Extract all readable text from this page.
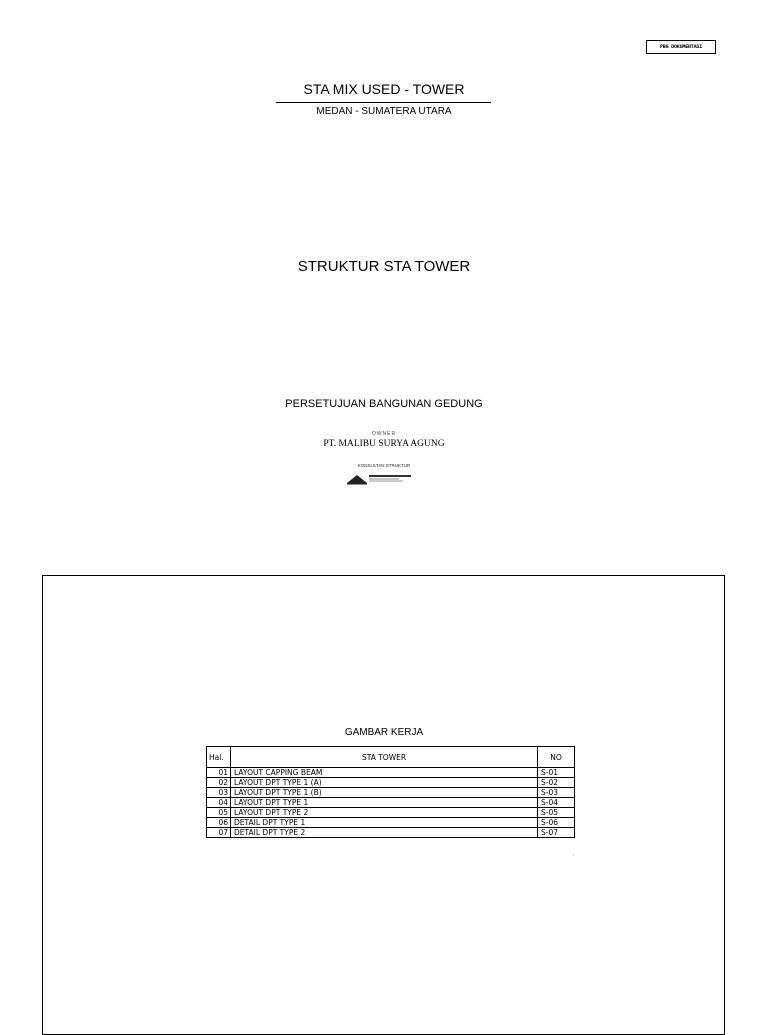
PBG DOKUMENTASI
STA MIX USED - TOWER
MEDAN - SUMATERA UTARA
STRUKTUR STA TOWER
PERSETUJUAN BANGUNAN GEDUNG
OWNER
PT. MALIBU SURYA AGUNG
KONSULTAN STRUKTUR
GAMBAR KERJA
Hal.	STA TOWER	NO
01	LAYOUT CAPPING BEAM	S-01
02	LAYOUT DPT TYPE 1 (A)	S-02
03	LAYOUT DPT TYPE 1 (B)	S-03
04	LAYOUT DPT TYPE 1	S-04
05	LAYOUT DPT TYPE 2	S-05
06	DETAIL DPT TYPE 1	S-06
07	DETAIL DPT TYPE 2	S-07
